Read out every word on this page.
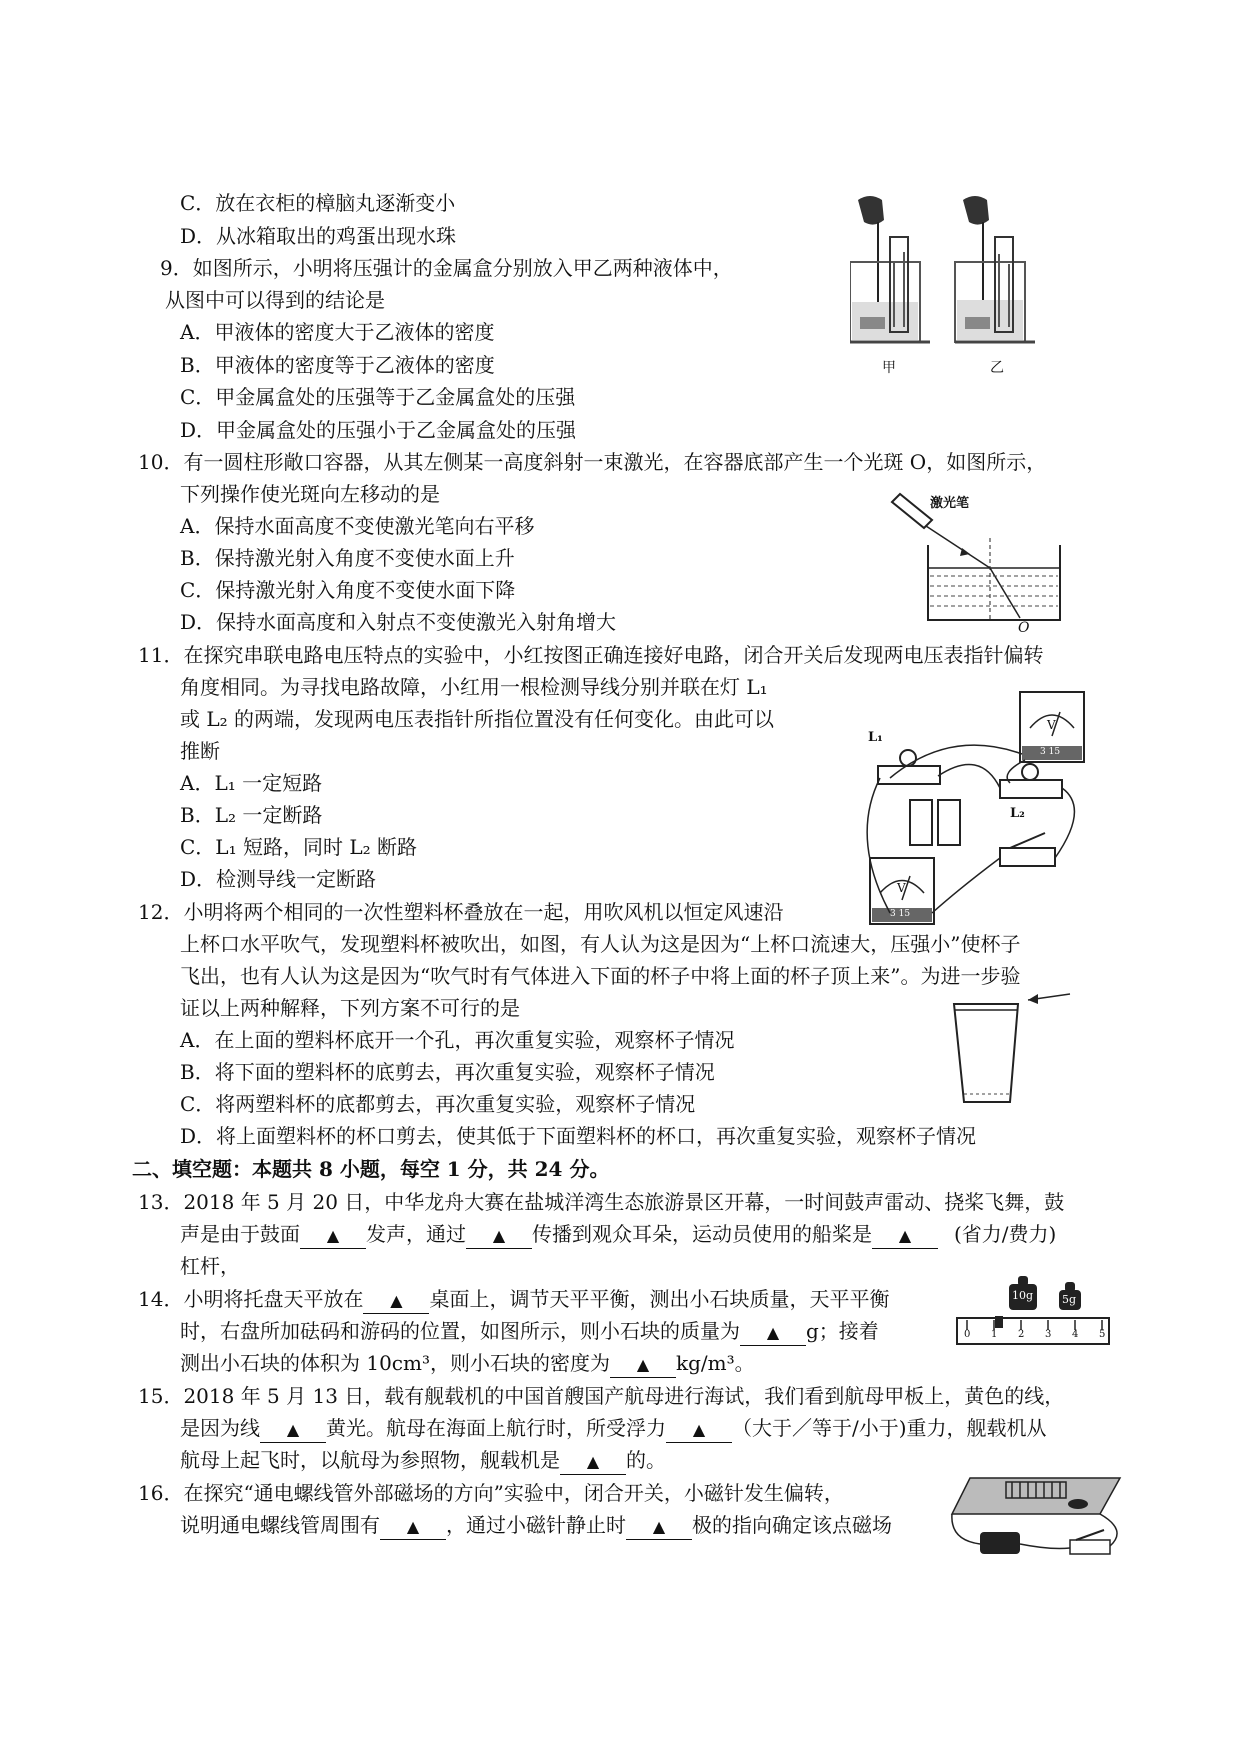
C．放在衣柜的樟脑丸逐渐变小
D．从冰箱取出的鸡蛋出现水珠
9．如图所示，小明将压强计的金属盒分别放入甲乙两种液体中，
从图中可以得到的结论是
A．甲液体的密度大于乙液体的密度
B．甲液体的密度等于乙液体的密度
C．甲金属盒处的压强等于乙金属盒处的压强
D．甲金属盒处的压强小于乙金属盒处的压强
甲	乙
10．有一圆柱形敞口容器，从其左侧某一高度斜射一束激光，在容器底部产生一个光斑 O，如图所示，
下列操作使光斑向左移动的是
A．保持水面高度不变使激光笔向右平移
B．保持激光射入角度不变使水面上升
C．保持激光射入角度不变使水面下降
D．保持水面高度和入射点不变使激光入射角增大
激光笔
O
11．在探究串联电路电压特点的实验中，小红按图正确连接好电路，闭合开关后发现两电压表指针偏转
角度相同。为寻找电路故障，小红用一根检测导线分别并联在灯 L₁
或 L₂ 的两端，发现两电压表指针所指位置没有任何变化。由此可以
推断
A．L₁ 一定短路
B．L₂ 一定断路
C．L₁ 短路，同时 L₂ 断路
D．检测导线一定断路
L₁
L₂
V
V
3 15
3 15
12．小明将两个相同的一次性塑料杯叠放在一起，用吹风机以恒定风速沿
上杯口水平吹气，发现塑料杯被吹出，如图，有人认为这是因为“上杯口流速大，压强小”使杯子
飞出，也有人认为这是因为“吹气时有气体进入下面的杯子中将上面的杯子顶上来”。为进一步验
证以上两种解释，下列方案不可行的是
A．在上面的塑料杯底开一个孔，再次重复实验，观察杯子情况
B．将下面的塑料杯的底剪去，再次重复实验，观察杯子情况
C．将两塑料杯的底都剪去，再次重复实验，观察杯子情况
D．将上面塑料杯的杯口剪去，使其低于下面塑料杯的杯口，再次重复实验，观察杯子情况
二、填空题：本题共 8 小题，每空 1 分，共 24 分。
13．2018 年 5 月 20 日，中华龙舟大赛在盐城洋湾生态旅游景区开幕，一时间鼓声雷动、挠桨飞舞，鼓
声是由于鼓面 ▲ 发声，通过 ▲ 传播到观众耳朵，运动员使用的船桨是 ▲ (省力/费力)
杠杆，
14．小明将托盘天平放在 ▲ 桌面上，调节天平平衡，测出小石块质量，天平平衡
时，右盘所加砝码和游码的位置，如图所示，则小石块的质量为 ▲ g；接着
测出小石块的体积为 10cm³，则小石块的密度为 ▲ kg/m³。
10g	5g
0 1 2 3 4 5
15．2018 年 5 月 13 日，载有舰载机的中国首艘国产航母进行海试，我们看到航母甲板上，黄色的线，
是因为线 ▲ 黄光。航母在海面上航行时，所受浮力 ▲ （大于／等于/小于)重力，舰载机从
航母上起飞时，以航母为参照物，舰载机是 ▲ 的。
16．在探究“通电螺线管外部磁场的方向”实验中，闭合开关，小磁针发生偏转，
说明通电螺线管周围有 ▲ ，通过小磁针静止时 ▲ 极的指向确定该点磁场
